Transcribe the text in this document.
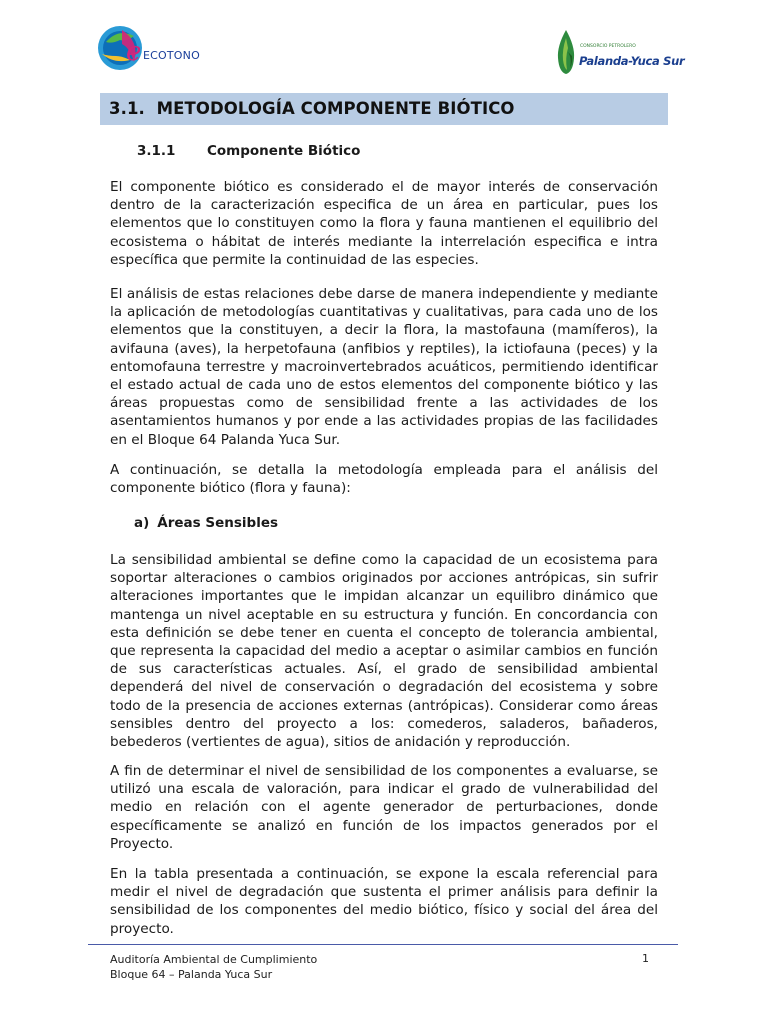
e ECOTONO
CONSORCIO PETROLERO
Palanda-Yuca Sur
3.1. METODOLOGÍA COMPONENTE BIÓTICO
3.1.1 Componente Biótico
El componente biótico es considerado el de mayor interés de conservación dentro de la caracterización especifica de un área en particular, pues los elementos que lo constituyen como la flora y fauna mantienen el equilibrio del ecosistema o hábitat de interés mediante la interrelación especifica e intra específica que permite la continuidad de las especies.
El análisis de estas relaciones debe darse de manera independiente y mediante la aplicación de metodologías cuantitativas y cualitativas, para cada uno de los elementos que la constituyen, a decir la flora, la mastofauna (mamíferos), la avifauna (aves), la herpetofauna (anfibios y reptiles), la ictiofauna (peces) y la entomofauna terrestre y macroinvertebrados acuáticos, permitiendo identificar el estado actual de cada uno de estos elementos del componente biótico y las áreas propuestas como de sensibilidad frente a las actividades de los asentamientos humanos y por ende a las actividades propias de las facilidades en el Bloque 64 Palanda Yuca Sur.
A continuación, se detalla la metodología empleada para el análisis del componente biótico (flora y fauna):
a) Áreas Sensibles
La sensibilidad ambiental se define como la capacidad de un ecosistema para soportar alteraciones o cambios originados por acciones antrópicas, sin sufrir alteraciones importantes que le impidan alcanzar un equilibro dinámico que mantenga un nivel aceptable en su estructura y función. En concordancia con esta definición se debe tener en cuenta el concepto de tolerancia ambiental, que representa la capacidad del medio a aceptar o asimilar cambios en función de sus características actuales. Así, el grado de sensibilidad ambiental dependerá del nivel de conservación o degradación del ecosistema y sobre todo de la presencia de acciones externas (antrópicas). Considerar como áreas sensibles dentro del proyecto a los: comederos, saladeros, bañaderos, bebederos (vertientes de agua), sitios de anidación y reproducción.
A fin de determinar el nivel de sensibilidad de los componentes a evaluarse, se utilizó una escala de valoración, para indicar el grado de vulnerabilidad del medio en relación con el agente generador de perturbaciones, donde específicamente se analizó en función de los impactos generados por el Proyecto.
En la tabla presentada a continuación, se expone la escala referencial para medir el nivel de degradación que sustenta el primer análisis para definir la sensibilidad de los componentes del medio biótico, físico y social del área del proyecto.
Auditoría Ambiental de Cumplimiento
Bloque 64 – Palanda Yuca Sur
1
